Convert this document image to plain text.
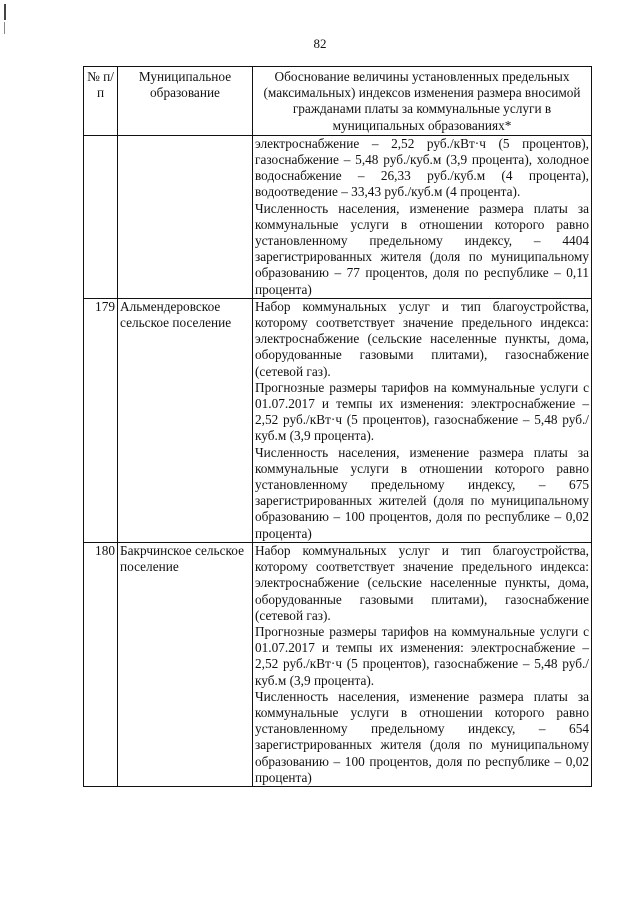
82
№ п/п	Муниципальное образование	Обоснование величины установленных предельных (максимальных) индексов изменения размера вносимой гражданами платы за коммунальные услуги в муниципальных образованиях*

		электроснабжение – 2,52 руб./кВт·ч (5 процентов), газоснабжение – 5,48 руб./куб.м (3,9 процента), холодное водоснабжение – 26,33 руб./куб.м (4 процента), водоотведение – 33,43 руб./куб.м (4 процента).

Численность населения, изменение размера платы за коммунальные услуги в отношении которого равно установленному предельному индексу, – 4404 зарегистрированных жителя (доля по муниципальному образованию – 77 процентов, доля по республике – 0,11 процента)

179	Альмендеровское сельское поселение	Набор коммунальных услуг и тип благоустройства, которому соответствует значение предельного индекса: электроснабжение (сельские населенные пункты, дома, оборудованные газовыми плитами), газоснабжение (сетевой газ).

Прогнозные размеры тарифов на коммунальные услуги с 01.07.2017 и темпы их изменения: электроснабжение – 2,52 руб./кВт·ч (5 процентов), газоснабжение – 5,48 руб./куб.м (3,9 процента).

Численность населения, изменение размера платы за коммунальные услуги в отношении которого равно установленному предельному индексу, – 675 зарегистрированных жителей (доля по муниципальному образованию – 100 процентов, доля по республике – 0,02 процента)

180	Бакрчинское сельское поселение	Набор коммунальных услуг и тип благоустройства, которому соответствует значение предельного индекса: электроснабжение (сельские населенные пункты, дома, оборудованные газовыми плитами), газоснабжение (сетевой газ).

Прогнозные размеры тарифов на коммунальные услуги с 01.07.2017 и темпы их изменения: электроснабжение – 2,52 руб./кВт·ч (5 процентов), газоснабжение – 5,48 руб./куб.м (3,9 процента).

Численность населения, изменение размера платы за коммунальные услуги в отношении которого равно установленному предельному индексу, – 654 зарегистрированных жителя (доля по муниципальному образованию – 100 процентов, доля по республике – 0,02 процента)
